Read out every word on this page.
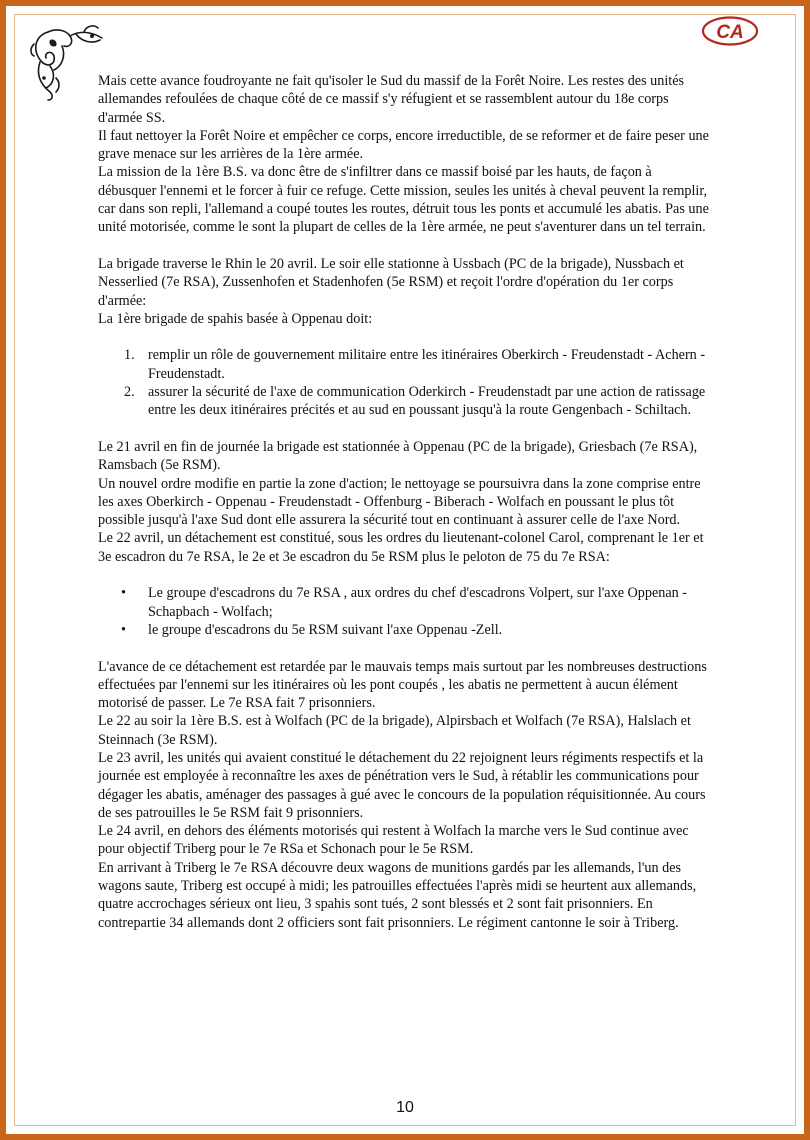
CA

Mais cette avance foudroyante ne fait qu'isoler le Sud du massif de la Forêt Noire. Les restes des unités allemandes refoulées de chaque côté de ce massif s'y réfugient et se rassemblent autour du 18e corps d'armée SS.

Il faut nettoyer la Forêt Noire et empêcher ce corps, encore irreductible, de se reformer et de faire peser une grave menace sur les arrières de la 1ère armée.

La mission de la 1ère B.S. va donc être de s'infiltrer dans ce massif boisé par les hauts, de façon à débusquer l'ennemi et le forcer à fuir ce refuge. Cette mission, seules les unités à cheval peuvent la remplir, car dans son repli, l'allemand a coupé toutes les routes, détruit tous les ponts et accumulé les abatis. Pas une unité motorisée, comme le sont la plupart de celles de la 1ère armée, ne peut s'aventurer dans un tel terrain.

La brigade traverse le Rhin le 20 avril. Le soir elle stationne à Ussbach (PC de la brigade), Nussbach et Nesserlied (7e RSA), Zussenhofen et Stadenhofen (5e RSM) et reçoit l'ordre d'opération du 1er corps d'armée:

La 1ère brigade de spahis basée à Oppenau doit:

1. remplir un rôle de gouvernement militaire entre les itinéraires Oberkirch - Freudenstadt - Achern - Freudenstadt.
2. assurer la sécurité de l'axe de communication Oderkirch - Freudenstadt par une action de ratissage entre les deux itinéraires précités et au sud en poussant jusqu'à la route Gengenbach - Schiltach.

Le 21 avril en fin de journée la brigade est stationnée à Oppenau (PC de la brigade), Griesbach (7e RSA), Ramsbach (5e RSM).

Un nouvel ordre modifie en partie la zone d'action; le nettoyage se poursuivra dans la zone comprise entre les axes Oberkirch - Oppenau - Freudenstadt - Offenburg - Biberach - Wolfach en poussant le plus tôt possible jusqu'à l'axe Sud dont elle assurera la sécurité tout en continuant à assurer celle de l'axe Nord.

Le 22 avril, un détachement est constitué, sous les ordres du lieutenant-colonel Carol, comprenant le 1er et 3e escadron du 7e RSA, le 2e et 3e escadron du 5e RSM plus le peloton de 75 du 7e RSA:

• Le groupe d'escadrons du 7e RSA , aux ordres du chef d'escadrons Volpert, sur l'axe Oppenan - Schapbach - Wolfach;
• le groupe d'escadrons du 5e RSM suivant l'axe Oppenau -Zell.

L'avance de ce détachement est retardée par le mauvais temps mais surtout par les nombreuses destructions effectuées par l'ennemi sur les itinéraires où les pont coupés , les abatis ne permettent à aucun élément motorisé de passer. Le 7e RSA fait 7 prisonniers.

Le 22 au soir la 1ère B.S. est à Wolfach (PC de la brigade), Alpirsbach et Wolfach (7e RSA), Halslach et Steinnach (3e RSM).

Le 23 avril, les unités qui avaient constitué le détachement du 22 rejoignent leurs régiments respectifs et la journée est employée à reconnaître les axes de pénétration vers le Sud, à rétablir les communications pour dégager les abatis, aménager des passages à gué avec le concours de la population réquisitionnée. Au cours de ses patrouilles le 5e RSM fait 9 prisonniers.

Le 24 avril, en dehors des éléments motorisés qui restent à Wolfach la marche vers le Sud continue avec pour objectif Triberg pour le 7e RSa et Schonach pour le 5e RSM.

En arrivant à Triberg le 7e RSA découvre deux wagons de munitions gardés par les allemands, l'un des wagons saute, Triberg est occupé à midi; les patrouilles effectuées l'après midi se heurtent aux allemands, quatre accrochages sérieux ont lieu, 3 spahis sont tués, 2 sont blessés et 2 sont fait prisonniers. En contrepartie 34 allemands dont 2 officiers sont fait prisonniers. Le régiment cantonne le soir à Triberg.

10
